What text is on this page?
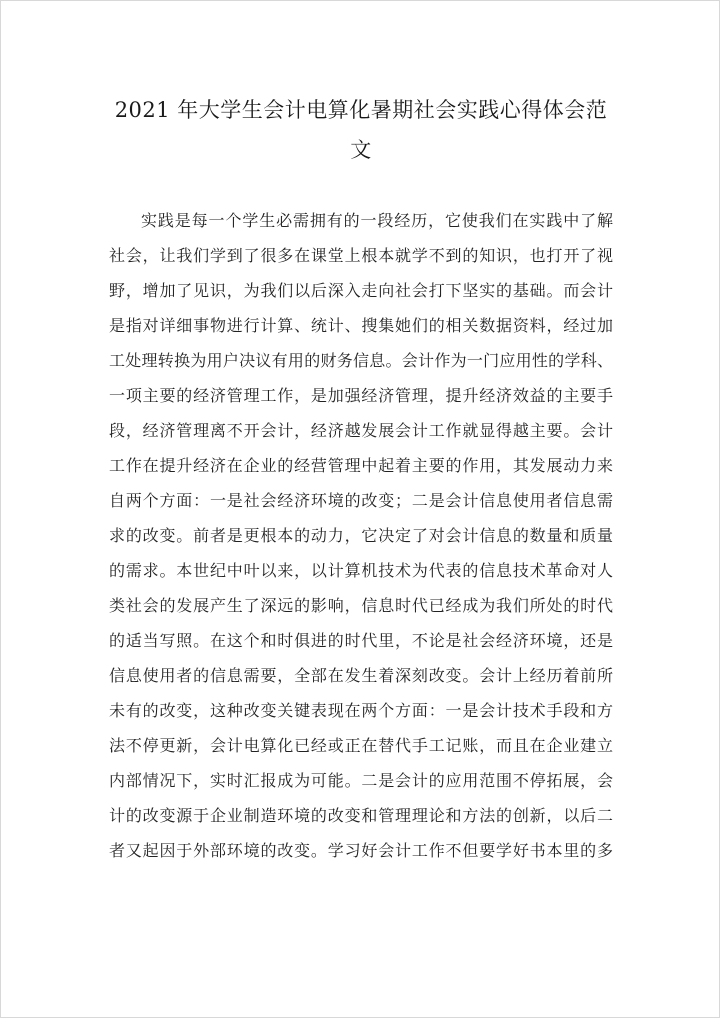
2021 年大学生会计电算化暑期社会实践心得体会范
文
实践是每一个学生必需拥有的一段经历，它使我们在实践中了解
社会，让我们学到了很多在课堂上根本就学不到的知识，也打开了视
野，增加了见识，为我们以后深入走向社会打下坚实的基础。而会计
是指对详细事物进行计算、统计、搜集她们的相关数据资料，经过加
工处理转换为用户决议有用的财务信息。会计作为一门应用性的学科、
一项主要的经济管理工作，是加强经济管理，提升经济效益的主要手
段，经济管理离不开会计，经济越发展会计工作就显得越主要。会计
工作在提升经济在企业的经营管理中起着主要的作用，其发展动力来
自两个方面：一是社会经济环境的改变；二是会计信息使用者信息需
求的改变。前者是更根本的动力，它决定了对会计信息的数量和质量
的需求。本世纪中叶以来，以计算机技术为代表的信息技术革命对人
类社会的发展产生了深远的影响，信息时代已经成为我们所处的时代
的适当写照。在这个和时俱进的时代里，不论是社会经济环境，还是
信息使用者的信息需要，全部在发生着深刻改变。会计上经历着前所
未有的改变，这种改变关键表现在两个方面：一是会计技术手段和方
法不停更新，会计电算化已经或正在替代手工记账，而且在企业建立
内部情况下，实时汇报成为可能。二是会计的应用范围不停拓展，会
计的改变源于企业制造环境的改变和管理理论和方法的创新，以后二
者又起因于外部环境的改变。学习好会计工作不但要学好书本里的多
